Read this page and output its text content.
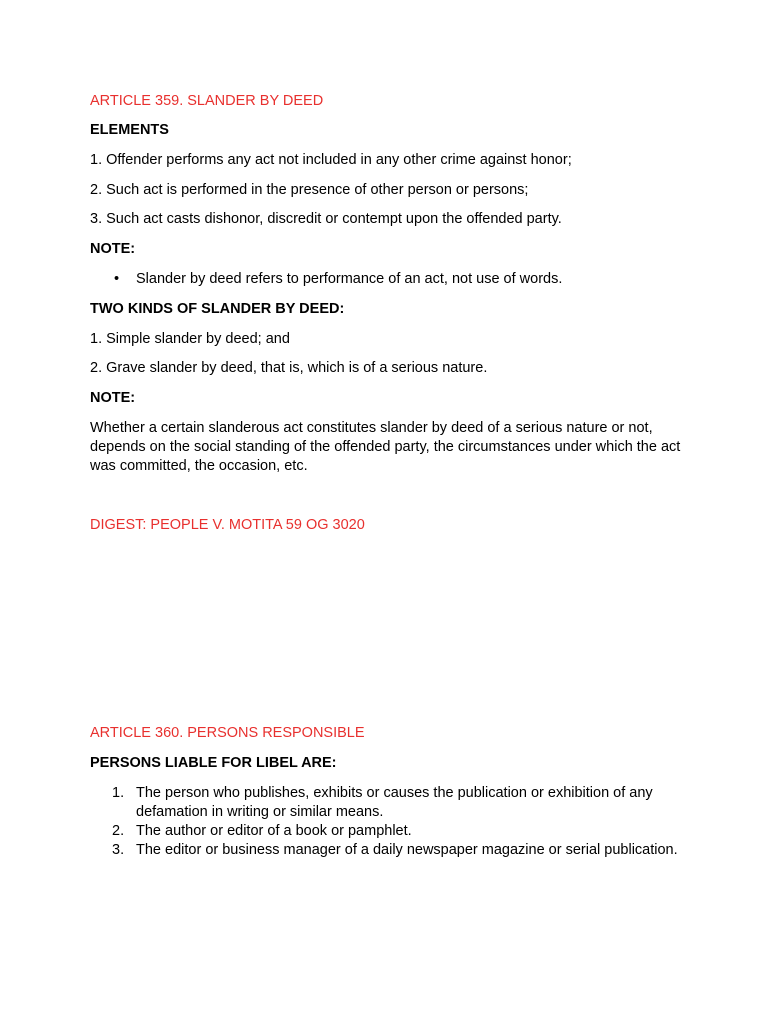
ARTICLE 359. SLANDER BY DEED
ELEMENTS
1. Offender performs any act not included in any other crime against honor;
2. Such act is performed in the presence of other person or persons;
3. Such act casts dishonor, discredit or contempt upon the offended party.
NOTE:
• Slander by deed refers to performance of an act, not use of words.
TWO KINDS OF SLANDER BY DEED:
1. Simple slander by deed; and
2. Grave slander by deed, that is, which is of a serious nature.
NOTE:
Whether a certain slanderous act constitutes slander by deed of a serious nature or not, depends on the social standing of the offended party, the circumstances under which the act was committed, the occasion, etc.
DIGEST: PEOPLE V. MOTITA 59 OG 3020
ARTICLE 360. PERSONS RESPONSIBLE
PERSONS LIABLE FOR LIBEL ARE:
1. The person who publishes, exhibits or causes the publication or exhibition of any defamation in writing or similar means.
2. The author or editor of a book or pamphlet.
3. The editor or business manager of a daily newspaper magazine or serial publication.
